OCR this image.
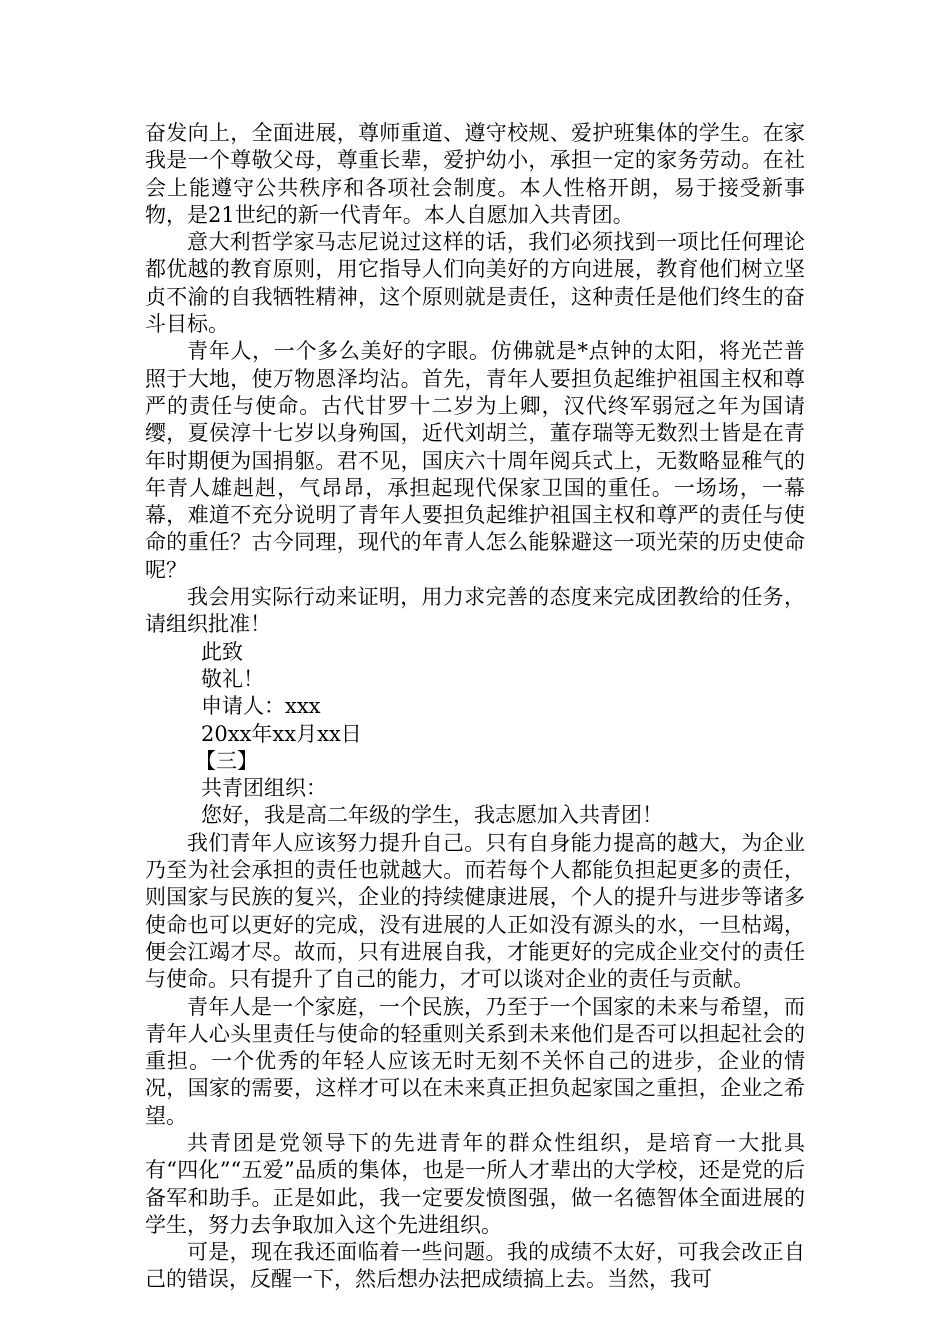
奋发向上，全面进展，尊师重道、遵守校规、爱护班集体的学生。在家我是一个尊敬父母，尊重长辈，爱护幼小，承担一定的家务劳动。在社会上能遵守公共秩序和各项社会制度。本人性格开朗，易于接受新事物，是21世纪的新一代青年。本人自愿加入共青团。

意大利哲学家马志尼说过这样的话，我们必须找到一项比任何理论都优越的教育原则，用它指导人们向美好的方向进展，教育他们树立坚贞不渝的自我牺牲精神，这个原则就是责任，这种责任是他们终生的奋斗目标。

青年人，一个多么美好的字眼。仿佛就是*点钟的太阳，将光芒普照于大地，使万物恩泽均沾。首先，青年人要担负起维护祖国主权和尊严的责任与使命。古代甘罗十二岁为上卿，汉代终军弱冠之年为国请缨，夏侯淳十七岁以身殉国，近代刘胡兰，董存瑞等无数烈士皆是在青年时期便为国捐躯。君不见，国庆六十周年阅兵式上，无数略显稚气的年青人雄赳赳，气昂昂，承担起现代保家卫国的重任。一场场，一幕幕，难道不充分说明了青年人要担负起维护祖国主权和尊严的责任与使命的重任？古今同理，现代的年青人怎么能躲避这一项光荣的历史使命呢？

我会用实际行动来证明，用力求完善的态度来完成团教给的任务，请组织批准！

此致

敬礼！

申请人：xxx

20xx年xx月xx日

【三】

共青团组织：

您好，我是高二年级的学生，我志愿加入共青团！

我们青年人应该努力提升自己。只有自身能力提高的越大，为企业乃至为社会承担的责任也就越大。而若每个人都能负担起更多的责任，则国家与民族的复兴，企业的持续健康进展，个人的提升与进步等诸多使命也可以更好的完成，没有进展的人正如没有源头的水，一旦枯竭，便会江竭才尽。故而，只有进展自我，才能更好的完成企业交付的责任与使命。只有提升了自己的能力，才可以谈对企业的责任与贡献。

青年人是一个家庭，一个民族，乃至于一个国家的未来与希望，而青年人心头里责任与使命的轻重则关系到未来他们是否可以担起社会的重担。一个优秀的年轻人应该无时无刻不关怀自己的进步，企业的情况，国家的需要，这样才可以在未来真正担负起家国之重担，企业之希望。

共青团是党领导下的先进青年的群众性组织，是培育一大批具有“四化”“五爱”品质的集体，也是一所人才辈出的大学校，还是党的后备军和助手。正是如此，我一定要发愤图强，做一名德智体全面进展的学生，努力去争取加入这个先进组织。

可是，现在我还面临着一些问题。我的成绩不太好，可我会改正自己的错误，反醒一下，然后想办法把成绩搞上去。当然，我可
